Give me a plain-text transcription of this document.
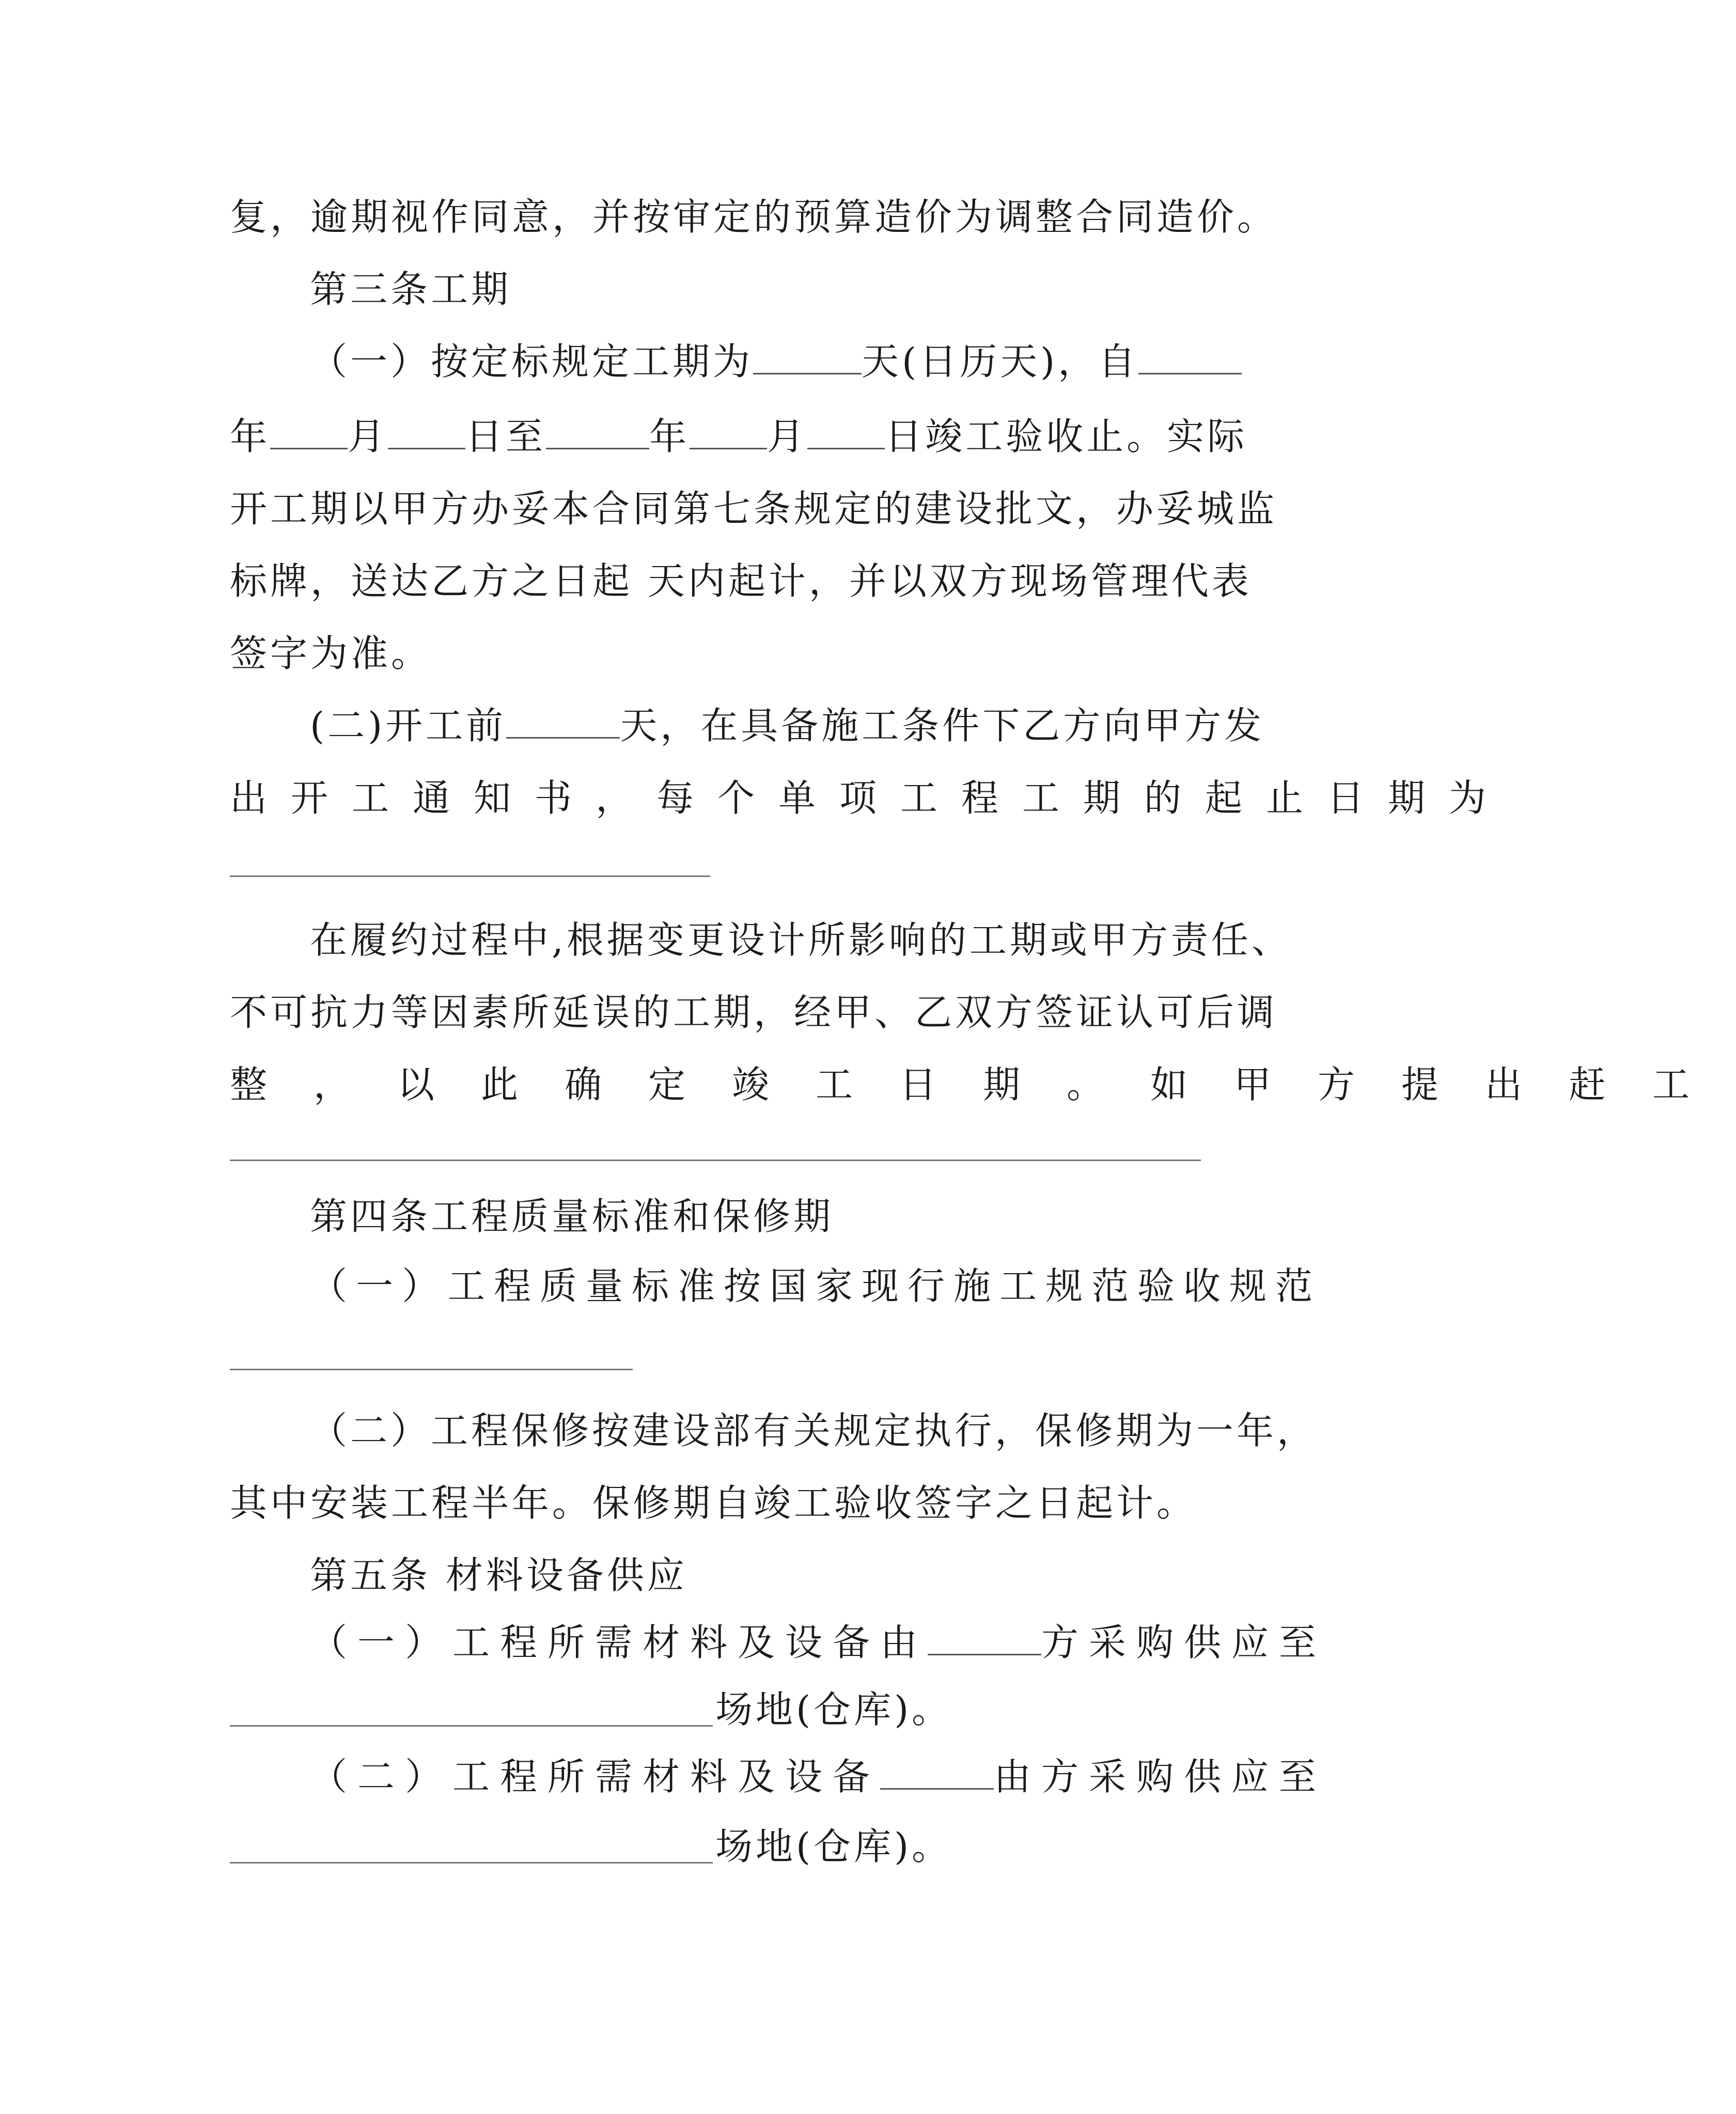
复，逾期视作同意，并按审定的预算造价为调整合同造价。
第三条工期
（一）按定标规定工期为	天(日历天)，自
年 月 日至	年 月 日竣工验收止。实际
开工期以甲方办妥本合同第七条规定的建设批文，办妥城监
标牌，送达乙方之日起 天内起计，并以双方现场管理代表
签字为准。
(二)开工前	天，在具备施工条件下乙方向甲方发
出开工通知书，每个单项工程工期的起止日期为
在履约过程中,根据变更设计所影响的工期或甲方责任、
不可抗力等因素所延误的工期，经甲、乙双方签证认可后调
整，以此确定竣工日期。如甲方提出赶工
第四条工程质量标准和保修期
（一）工程质量标准按国家现行施工规范验收规范
（二）工程保修按建设部有关规定执行，保修期为一年，
其中安装工程半年。保修期自竣工验收签字之日起计。
第五条 材料设备供应
（一）工程所需材料及设备由	方采购供应至
场地(仓库)。
（二）工程所需材料及设备	由方采购供应至
场地(仓库)。
